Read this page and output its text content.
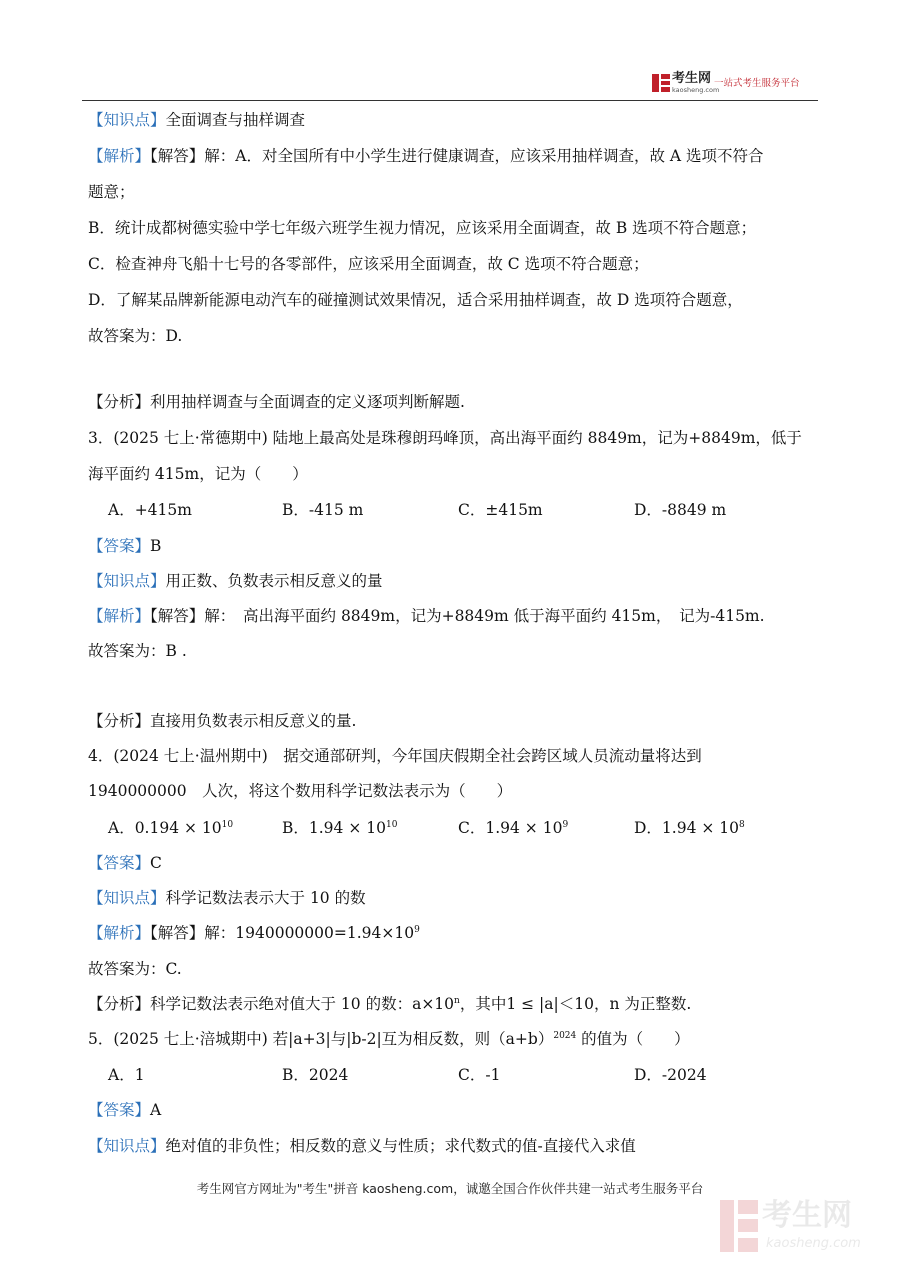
考生网
kaosheng.com
一站式考生服务平台
【知识点】全面调查与抽样调查
【解析】【解答】解：A．对全国所有中小学生进行健康调查，应该采用抽样调查，故 A 选项不符合
题意；
B．统计成都树德实验中学七年级六班学生视力情况，应该采用全面调查，故 B 选项不符合题意；
C．检查神舟飞船十七号的各零部件，应该采用全面调查，故 C 选项不符合题意；
D．了解某品牌新能源电动汽车的碰撞测试效果情况，适合采用抽样调查，故 D 选项符合题意，
故答案为：D.
【分析】利用抽样调查与全面调查的定义逐项判断解题.
3．(2025 七上·常德期中) 陆地上最高处是珠穆朗玛峰顶，高出海平面约 8849m，记为+8849m，低于
海平面约 415m，记为（　　）
A．+415m	B．-415 m	C．±415m	D．-8849 m
【答案】B
【知识点】用正数、负数表示相反意义的量
【解析】【解答】解：　高出海平面约 8849m，记为+8849m 低于海平面约 415m，　记为-415m.
故答案为：B .
【分析】直接用负数表示相反意义的量.
4．(2024 七上·温州期中)　据交通部研判，今年国庆假期全社会跨区域人员流动量将达到
1940000000　人次，将这个数用科学记数法表示为（　　）
A．$0.194 \times 10^{10}$	B．$1.94 \times 10^{10}$	C．$1.94 \times 10^9$	D．$1.94 \times 10^8$
【答案】C
【知识点】科学记数法表示大于 10 的数
【解析】【解答】解：$1940000000=1.94\times 10^9$
故答案为：C.
【分析】科学记数法表示绝对值大于 10 的数：$a\times 10^n$，其中1 ≤ |a|＜10，n 为正整数.
5．(2025 七上·涪城期中) 若|a+3|与|b-2|互为相反数，则$(a+b)^{2024}$ 的值为（　　）
A．1	B．2024	C．-1	D．-2024
【答案】A
【知识点】绝对值的非负性；相反数的意义与性质；求代数式的值-直接代入求值
考生网官方网址为"考生"拼音 kaosheng.com，诚邀全国合作伙伴共建一站式考生服务平台
考生网
kaosheng.com
